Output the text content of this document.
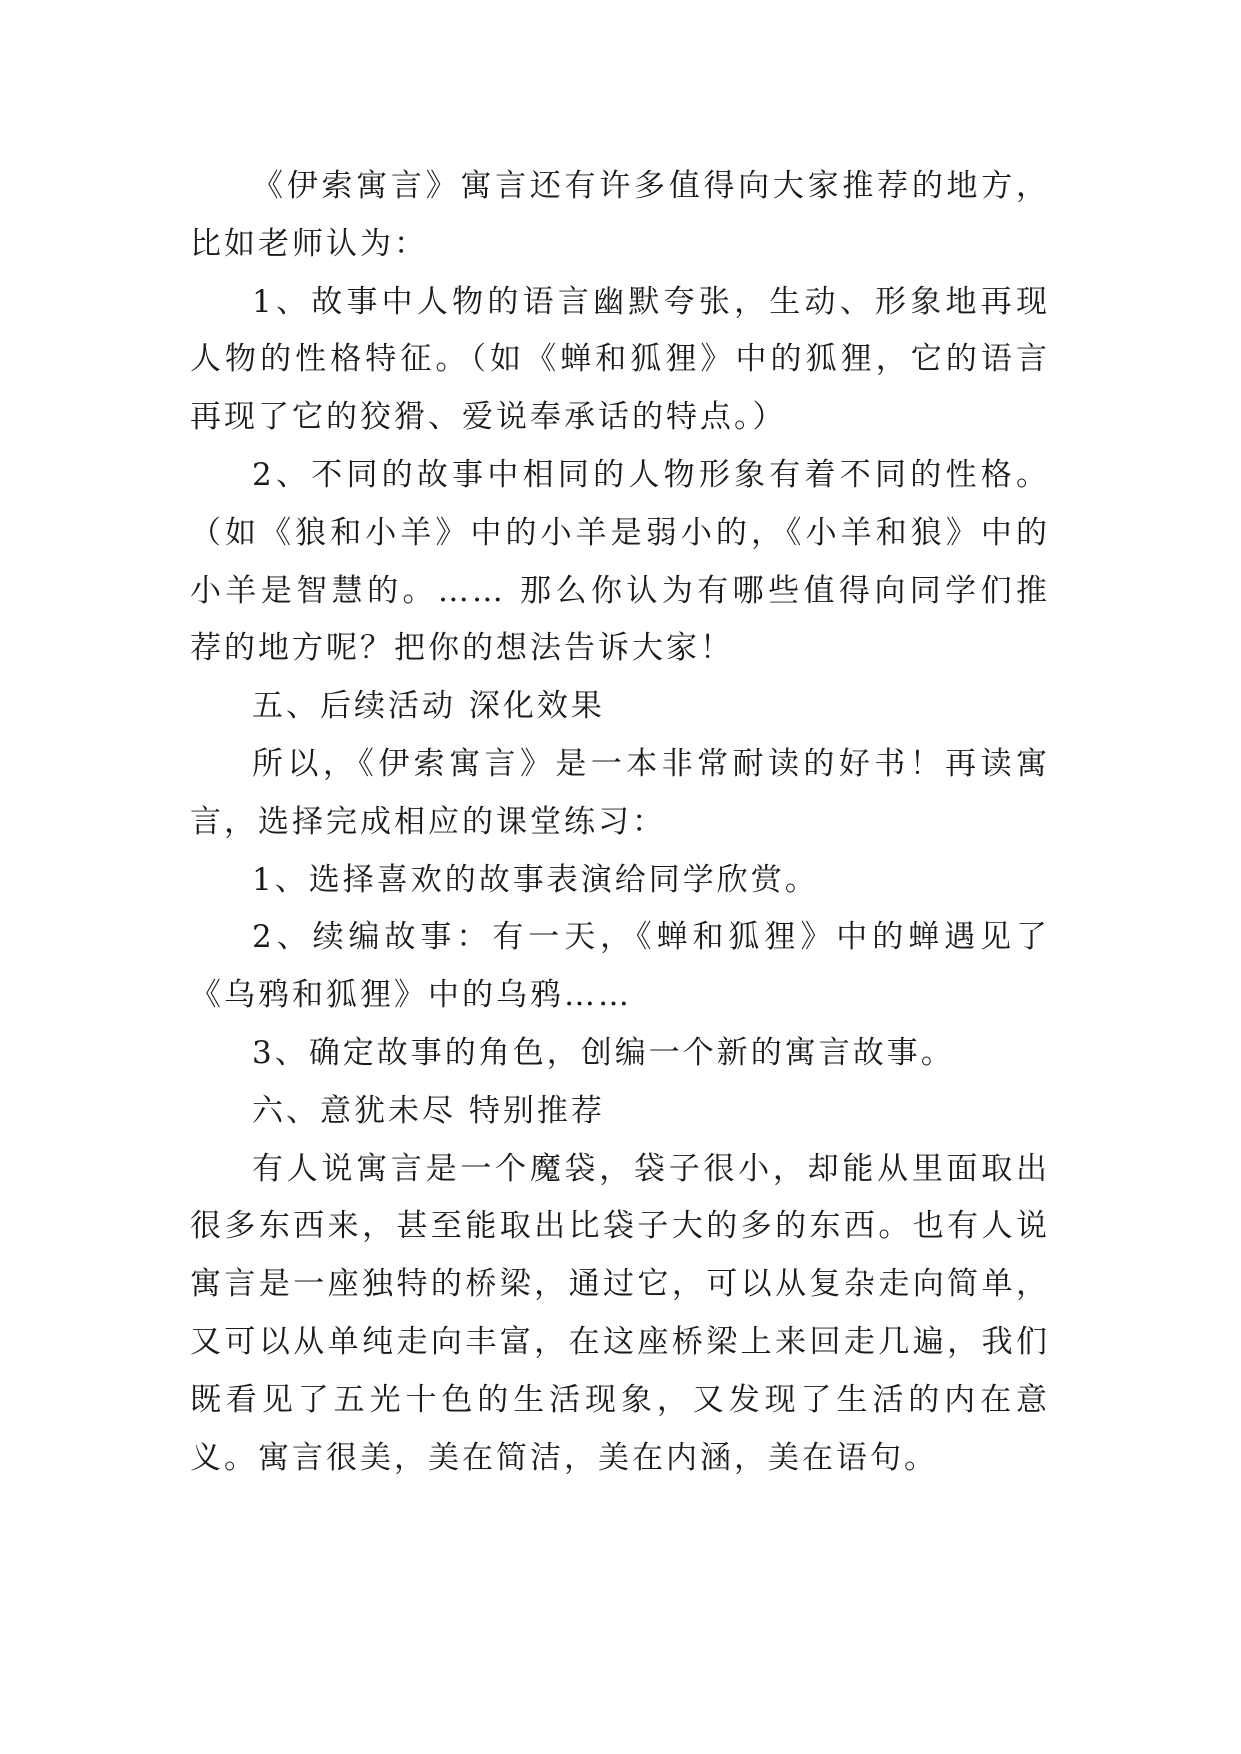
《伊索寓言》寓言还有许多值得向大家推荐的地方，比如老师认为：

1、故事中人物的语言幽默夸张，生动、形象地再现人物的性格特征。（如《蝉和狐狸》中的狐狸，它的语言再现了它的狡猾、爱说奉承话的特点。）

2、不同的故事中相同的人物形象有着不同的性格。（如《狼和小羊》中的小羊是弱小的，《小羊和狼》中的小羊是智慧的。…… 那么你认为有哪些值得向同学们推荐的地方呢？把你的想法告诉大家！

五、后续活动 深化效果

所以，《伊索寓言》是一本非常耐读的好书！再读寓言，选择完成相应的课堂练习：

1、选择喜欢的故事表演给同学欣赏。

2、续编故事：有一天，《蝉和狐狸》中的蝉遇见了《乌鸦和狐狸》中的乌鸦……

3、确定故事的角色，创编一个新的寓言故事。

六、意犹未尽 特别推荐

有人说寓言是一个魔袋，袋子很小，却能从里面取出很多东西来，甚至能取出比袋子大的多的东西。也有人说寓言是一座独特的桥梁，通过它，可以从复杂走向简单，又可以从单纯走向丰富，在这座桥梁上来回走几遍，我们既看见了五光十色的生活现象，又发现了生活的内在意义。寓言很美，美在简洁，美在内涵，美在语句。
